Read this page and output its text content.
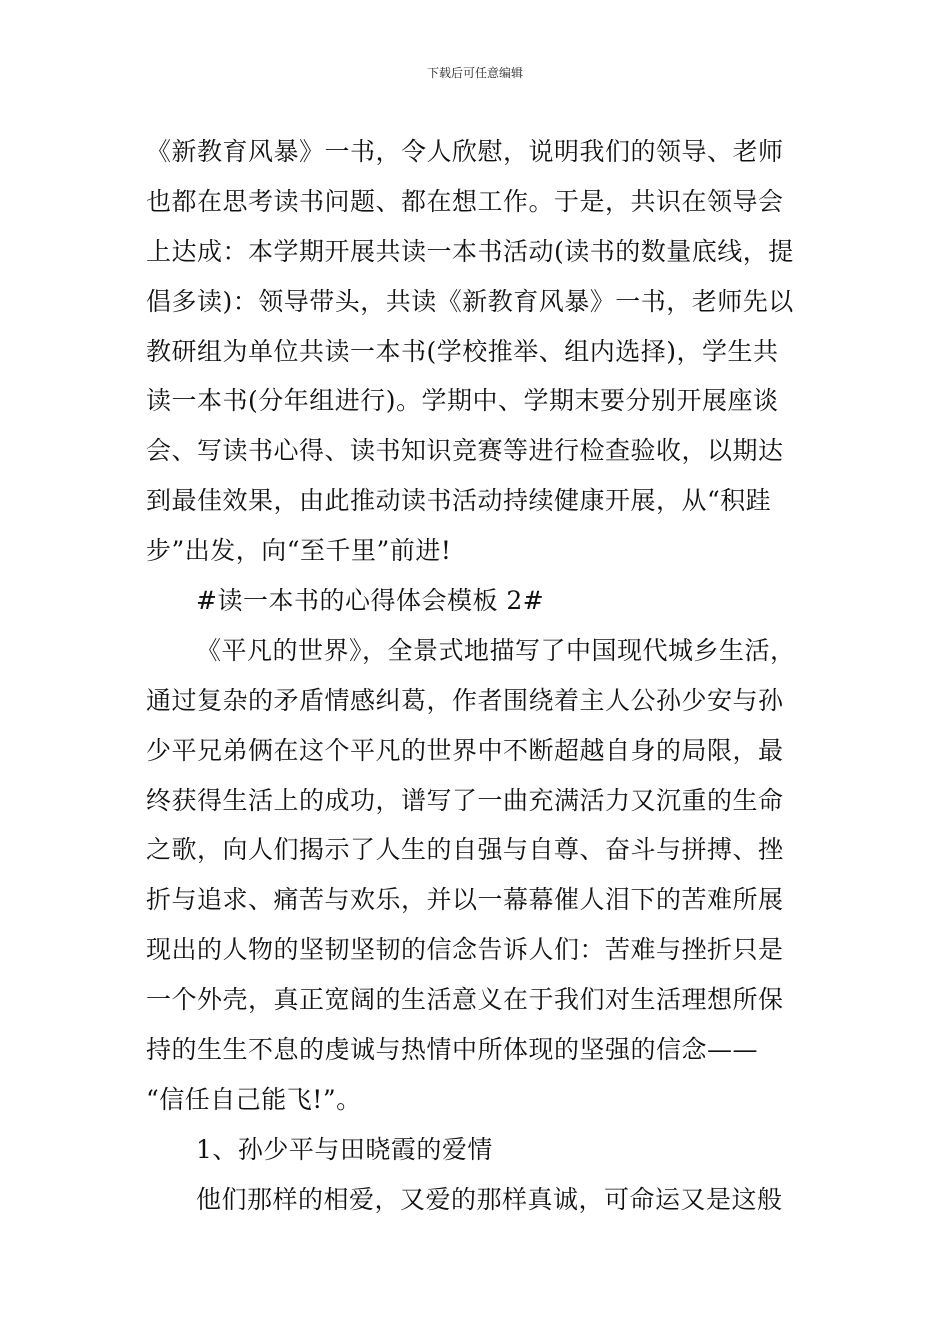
下载后可任意编辑
《新教育风暴》一书，令人欣慰，说明我们的领导、老师
也都在思考读书问题、都在想工作。于是，共识在领导会
上达成：本学期开展共读一本书活动(读书的数量底线，提
倡多读)：领导带头，共读《新教育风暴》一书，老师先以
教研组为单位共读一本书(学校推举、组内选择)，学生共
读一本书(分年组进行)。学期中、学期末要分别开展座谈
会、写读书心得、读书知识竞赛等进行检查验收，以期达
到最佳效果，由此推动读书活动持续健康开展，从“积跬
步”出发，向“至千里”前进!
#读一本书的心得体会模板 2#
《平凡的世界》，全景式地描写了中国现代城乡生活，
通过复杂的矛盾情感纠葛，作者围绕着主人公孙少安与孙
少平兄弟俩在这个平凡的世界中不断超越自身的局限，最
终获得生活上的成功，谱写了一曲充满活力又沉重的生命
之歌，向人们揭示了人生的自强与自尊、奋斗与拼搏、挫
折与追求、痛苦与欢乐，并以一幕幕催人泪下的苦难所展
现出的人物的坚韧坚韧的信念告诉人们：苦难与挫折只是
一个外壳，真正宽阔的生活意义在于我们对生活理想所保
持的生生不息的虔诚与热情中所体现的坚强的信念——
“信任自己能飞!”。
1、孙少平与田晓霞的爱情
他们那样的相爱，又爱的那样真诚，可命运又是这般
